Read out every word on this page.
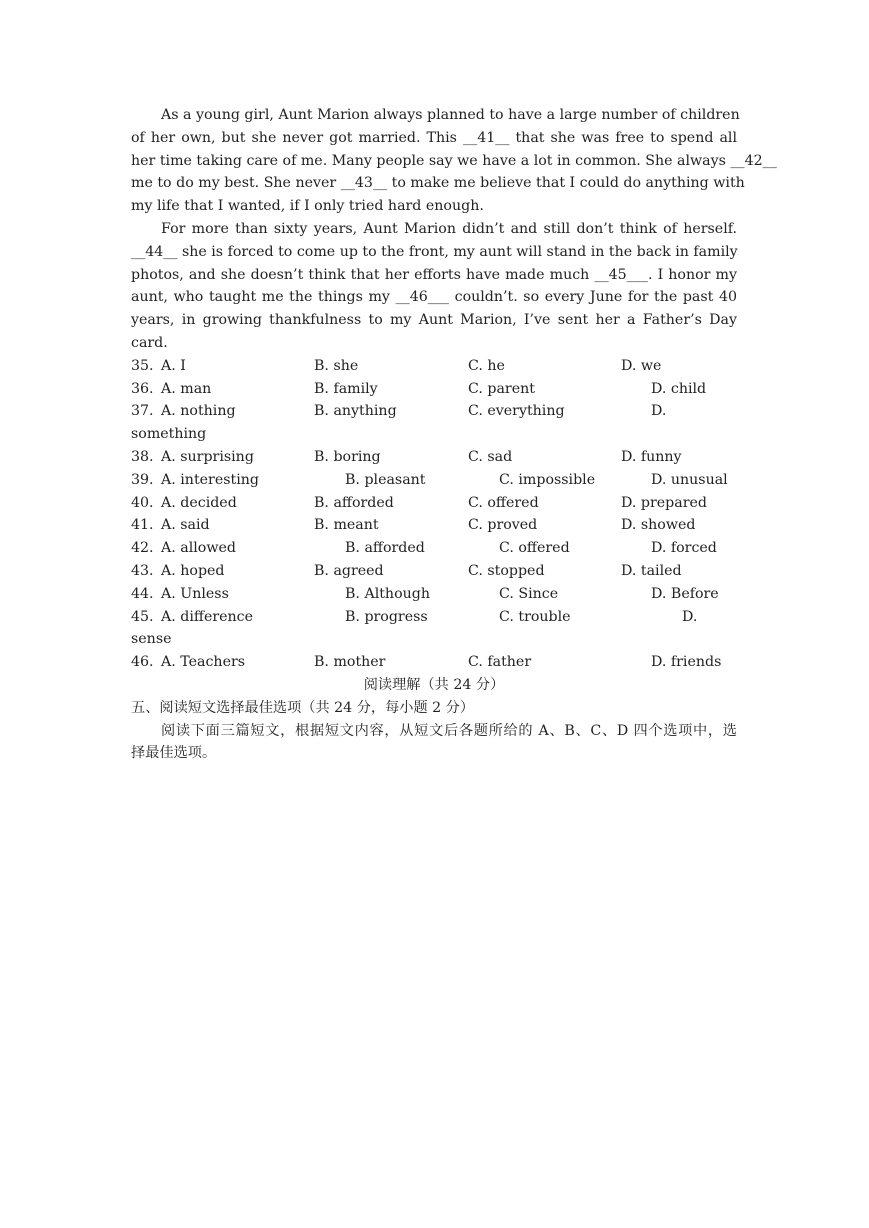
As a young girl, Aunt Marion always planned to have a large number of children
of her own, but she never got married. This __41__ that she was free to spend all
her time taking care of me. Many people say we have a lot in common. She always __42__
me to do my best. She never __43__ to make me believe that I could do anything with
my life that I wanted, if I only tried hard enough.

For more than sixty years, Aunt Marion didn’t and still don’t think of herself.
__44__ she is forced to come up to the front, my aunt will stand in the back in family
photos, and she doesn’t think that her efforts have made much __45___. I honor my
aunt, who taught me the things my __46___ couldn’t. so every June for the past 40
years, in growing thankfulness to my Aunt Marion, I’ve sent her a Father’s Day
card.

35. A. I	B. she	C. he	D. we
36. A. man	B. family	C. parent	D. child
37. A. nothing	B. anything	C. everything	D.
something
38. A. surprising	B. boring	C. sad	D. funny
39. A. interesting	B. pleasant	C. impossible	D. unusual
40. A. decided	B. afforded	C. offered	D. prepared
41. A. said	B. meant	C. proved	D. showed
42. A. allowed	B. afforded	C. offered	D. forced
43. A. hoped	B. agreed	C. stopped	D. tailed
44. A. Unless	B. Although	C. Since	D. Before
45. A. difference	B. progress	C. trouble	D.
sense
46. A. Teachers	B. mother	C. father	D. friends
阅读理解（共 24 分）
五、阅读短文选择最佳选项（共 24 分，每小题 2 分）

阅读下面三篇短文，根据短文内容，从短文后各题所给的 A、B、C、D 四个选项中，选
择最佳选项。
